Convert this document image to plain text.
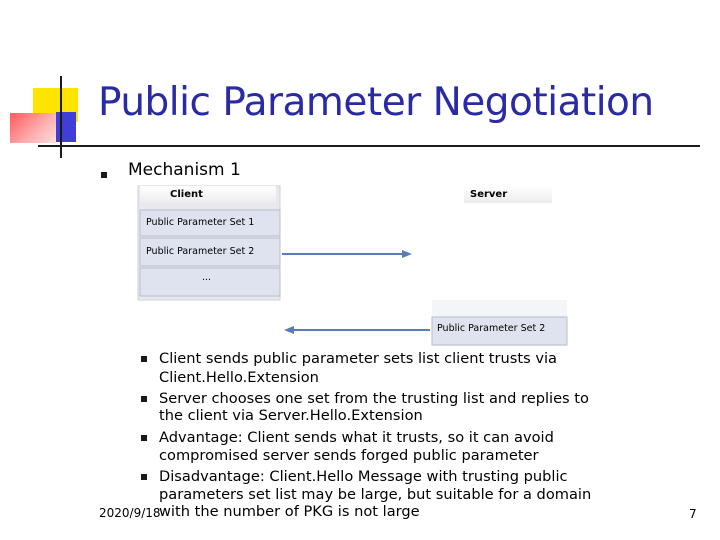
Public Parameter Negotiation
Mechanism 1
Client	Server
Public Parameter Set 1
Public Parameter Set 2
...
Public Parameter Set 2
Client sends public parameter sets list client trusts via
Client.Hello.Extension
Server chooses one set from the trusting list and replies to
the client via Server.Hello.Extension
Advantage: Client sends what it trusts, so it can avoid
compromised server sends forged public parameter
Disadvantage: Client.Hello Message with trusting public
parameters set list may be large, but suitable for a domain
with the number of PKG is not large
2020/9/18	7
